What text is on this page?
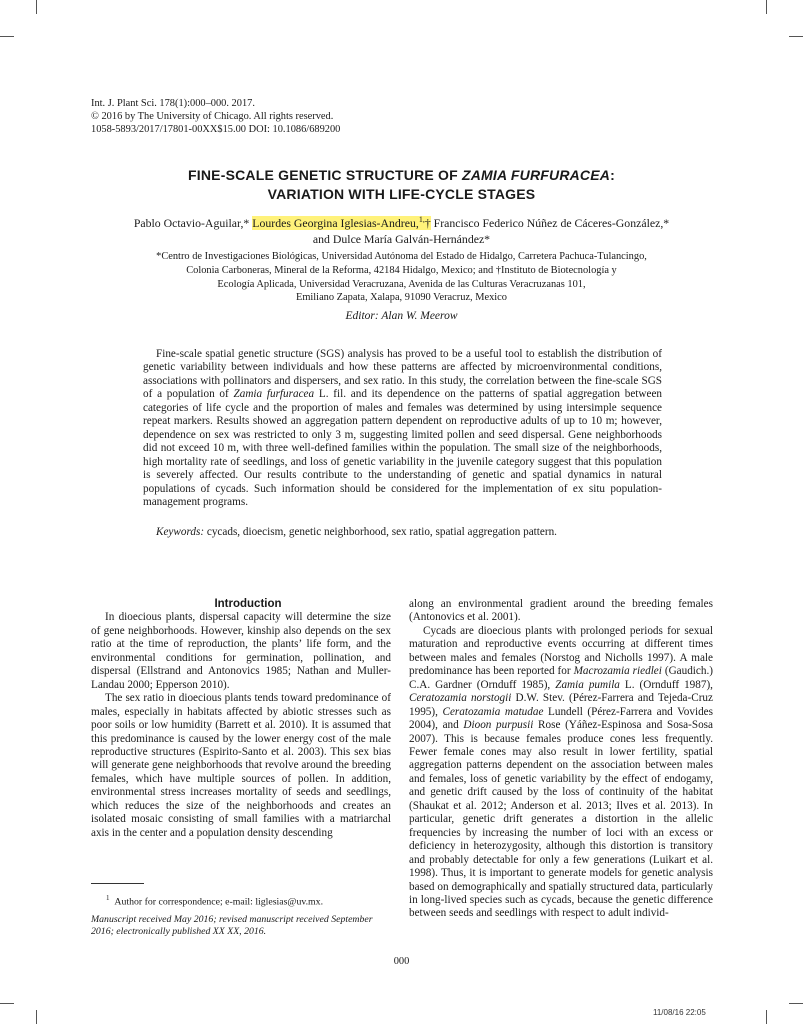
Int. J. Plant Sci. 178(1):000–000. 2017.
© 2016 by The University of Chicago. All rights reserved.
1058-5893/2017/17801-00XX$15.00 DOI: 10.1086/689200
FINE-SCALE GENETIC STRUCTURE OF ZAMIA FURFURACEA:
VARIATION WITH LIFE-CYCLE STAGES
Pablo Octavio-Aguilar,* Lourdes Georgina Iglesias-Andreu,$^{1,}$† Francisco Federico Núñez de Cáceres-González,*
and Dulce María Galván-Hernández*
*Centro de Investigaciones Biológicas, Universidad Autónoma del Estado de Hidalgo, Carretera Pachuca-Tulancingo,
Colonia Carboneras, Mineral de la Reforma, 42184 Hidalgo, Mexico; and †Instituto de Biotecnología y
Ecología Aplicada, Universidad Veracruzana, Avenida de las Culturas Veracruzanas 101,
Emiliano Zapata, Xalapa, 91090 Veracruz, Mexico
Editor: Alan W. Meerow
Fine-scale spatial genetic structure (SGS) analysis has proved to be a useful tool to establish the distribution of genetic variability between individuals and how these patterns are affected by microenvironmental conditions, associations with pollinators and dispersers, and sex ratio. In this study, the correlation between the fine-scale SGS of a population of Zamia furfuracea L. fil. and its dependence on the patterns of spatial aggregation between categories of life cycle and the proportion of males and females was determined by using intersimple sequence repeat markers. Results showed an aggregation pattern dependent on reproductive adults of up to 10 m; however, dependence on sex was restricted to only 3 m, suggesting limited pollen and seed dispersal. Gene neighborhoods did not exceed 10 m, with three well-defined families within the population. The small size of the neighborhoods, high mortality rate of seedlings, and loss of genetic variability in the juvenile category suggest that this population is severely affected. Our results contribute to the understanding of genetic and spatial dynamics in natural populations of cycads. Such information should be considered for the implementation of ex situ population-management programs.
Keywords: cycads, dioecism, genetic neighborhood, sex ratio, spatial aggregation pattern.

Introduction

In dioecious plants, dispersal capacity will determine the size of gene neighborhoods. However, kinship also depends on the sex ratio at the time of reproduction, the plants’ life form, and the environmental conditions for germination, pollination, and dispersal (Ellstrand and Antonovics 1985; Nathan and Muller-Landau 2000; Epperson 2010).

The sex ratio in dioecious plants tends toward predominance of males, especially in habitats affected by abiotic stresses such as poor soils or low humidity (Barrett et al. 2010). It is assumed that this predominance is caused by the lower energy cost of the male reproductive structures (Espirito-Santo et al. 2003). This sex bias will generate gene neighborhoods that revolve around the breeding females, which have multiple sources of pollen. In addition, environmental stress increases mortality of seeds and seedlings, which reduces the size of the neighborhoods and creates an isolated mosaic consisting of small families with a matriarchal axis in the center and a population density descending

along an environmental gradient around the breeding females (Antonovics et al. 2001).

Cycads are dioecious plants with prolonged periods for sexual maturation and reproductive events occurring at different times between males and females (Norstog and Nicholls 1997). A male predominance has been reported for Macrozamia riedlei (Gaudich.) C.A. Gardner (Ornduff 1985), Zamia pumila L. (Ornduff 1987), Ceratozamia norstogii D.W. Stev. (Pérez-Farrera and Tejeda-Cruz 1995), Ceratozamia matudae Lundell (Pérez-Farrera and Vovides 2004), and Dioon purpusii Rose (Yáñez-Espinosa and Sosa-Sosa 2007). This is because females produce cones less frequently. Fewer female cones may also result in lower fertility, spatial aggregation patterns dependent on the association between males and females, loss of genetic variability by the effect of endogamy, and genetic drift caused by the loss of continuity of the habitat (Shaukat et al. 2012; Anderson et al. 2013; Ilves et al. 2013). In particular, genetic drift generates a distortion in the allelic frequencies by increasing the number of loci with an excess or deficiency in heterozygosity, although this distortion is transitory and probably detectable for only a few generations (Luikart et al. 1998). Thus, it is important to generate models for genetic analysis based on demographically and spatially structured data, particularly in long-lived species such as cycads, because the genetic difference between seeds and seedlings with respect to adult individ-

$^1$ Author for correspondence; e-mail: liglesias@uv.mx.
Manuscript received May 2016; revised manuscript received September 2016; electronically published XX XX, 2016.
000
11/08/16 22:05
